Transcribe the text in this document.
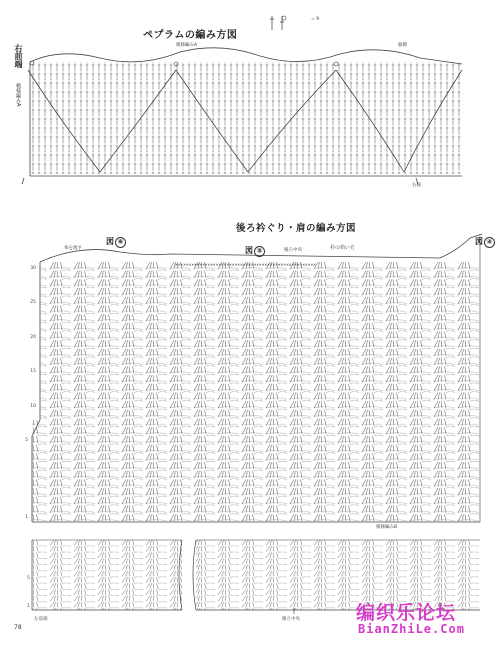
ペプラムの編み方図
= 9
模様編みA	脇側
右前端
模様編みA
右脇
××××××××××××××××××××××××××××××××××××××××××××××××××××
後ろ衿ぐり・肩の編み方図
図 ⑥
図 ⑤
図 ④
糸を渡す	後ろ中央	衿の拾い方
模様編みB
左前端	後ろ中央
30
25
20
15
10
5
1
5
1
78
编织乐论坛
BianZhiLe.Com
